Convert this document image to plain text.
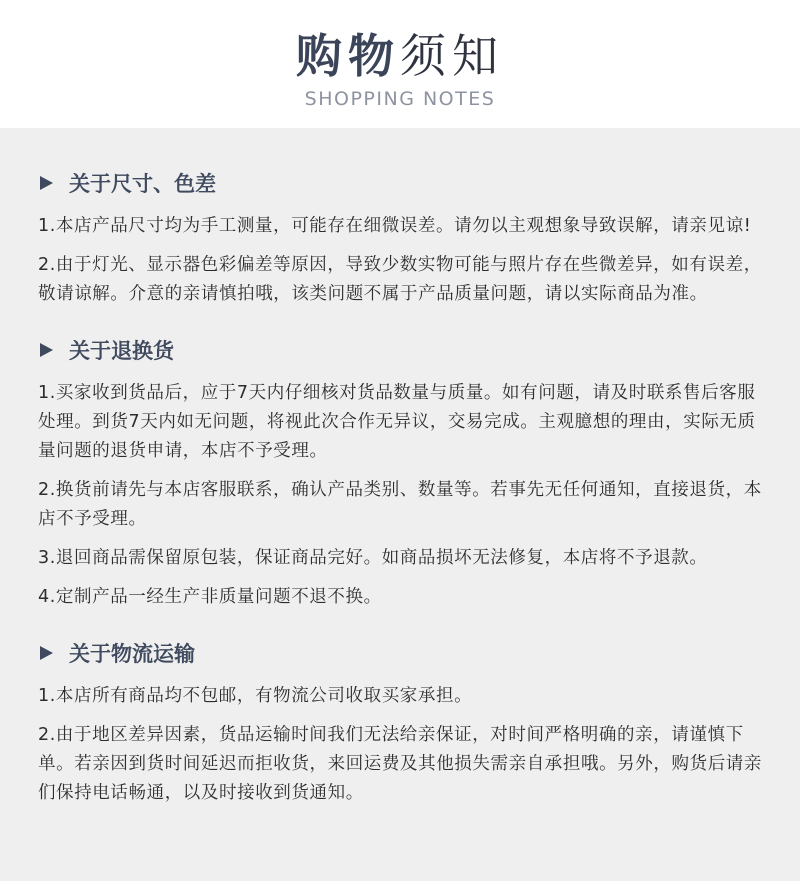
购物须知
SHOPPING NOTES
关于尺寸、色差

1.本店产品尺寸均为手工测量，可能存在细微误差。请勿以主观想象导致误解，请亲见谅!

2.由于灯光、显示器色彩偏差等原因，导致少数实物可能与照片存在些微差异，如有误差，敬请谅解。介意的亲请慎拍哦，该类问题不属于产品质量问题，请以实际商品为准。

关于退换货

1.买家收到货品后，应于7天内仔细核对货品数量与质量。如有问题，请及时联系售后客服处理。到货7天内如无问题，将视此次合作无异议，交易完成。主观臆想的理由，实际无质量问题的退货申请，本店不予受理。

2.换货前请先与本店客服联系，确认产品类别、数量等。若事先无任何通知，直接退货，本店不予受理。

3.退回商品需保留原包装，保证商品完好。如商品损坏无法修复，本店将不予退款。

4.定制产品一经生产非质量问题不退不换。

关于物流运输

1.本店所有商品均不包邮，有物流公司收取买家承担。

2.由于地区差异因素，货品运输时间我们无法给亲保证，对时间严格明确的亲，请谨慎下单。若亲因到货时间延迟而拒收货，来回运费及其他损失需亲自承担哦。另外，购货后请亲们保持电话畅通，以及时接收到货通知。
